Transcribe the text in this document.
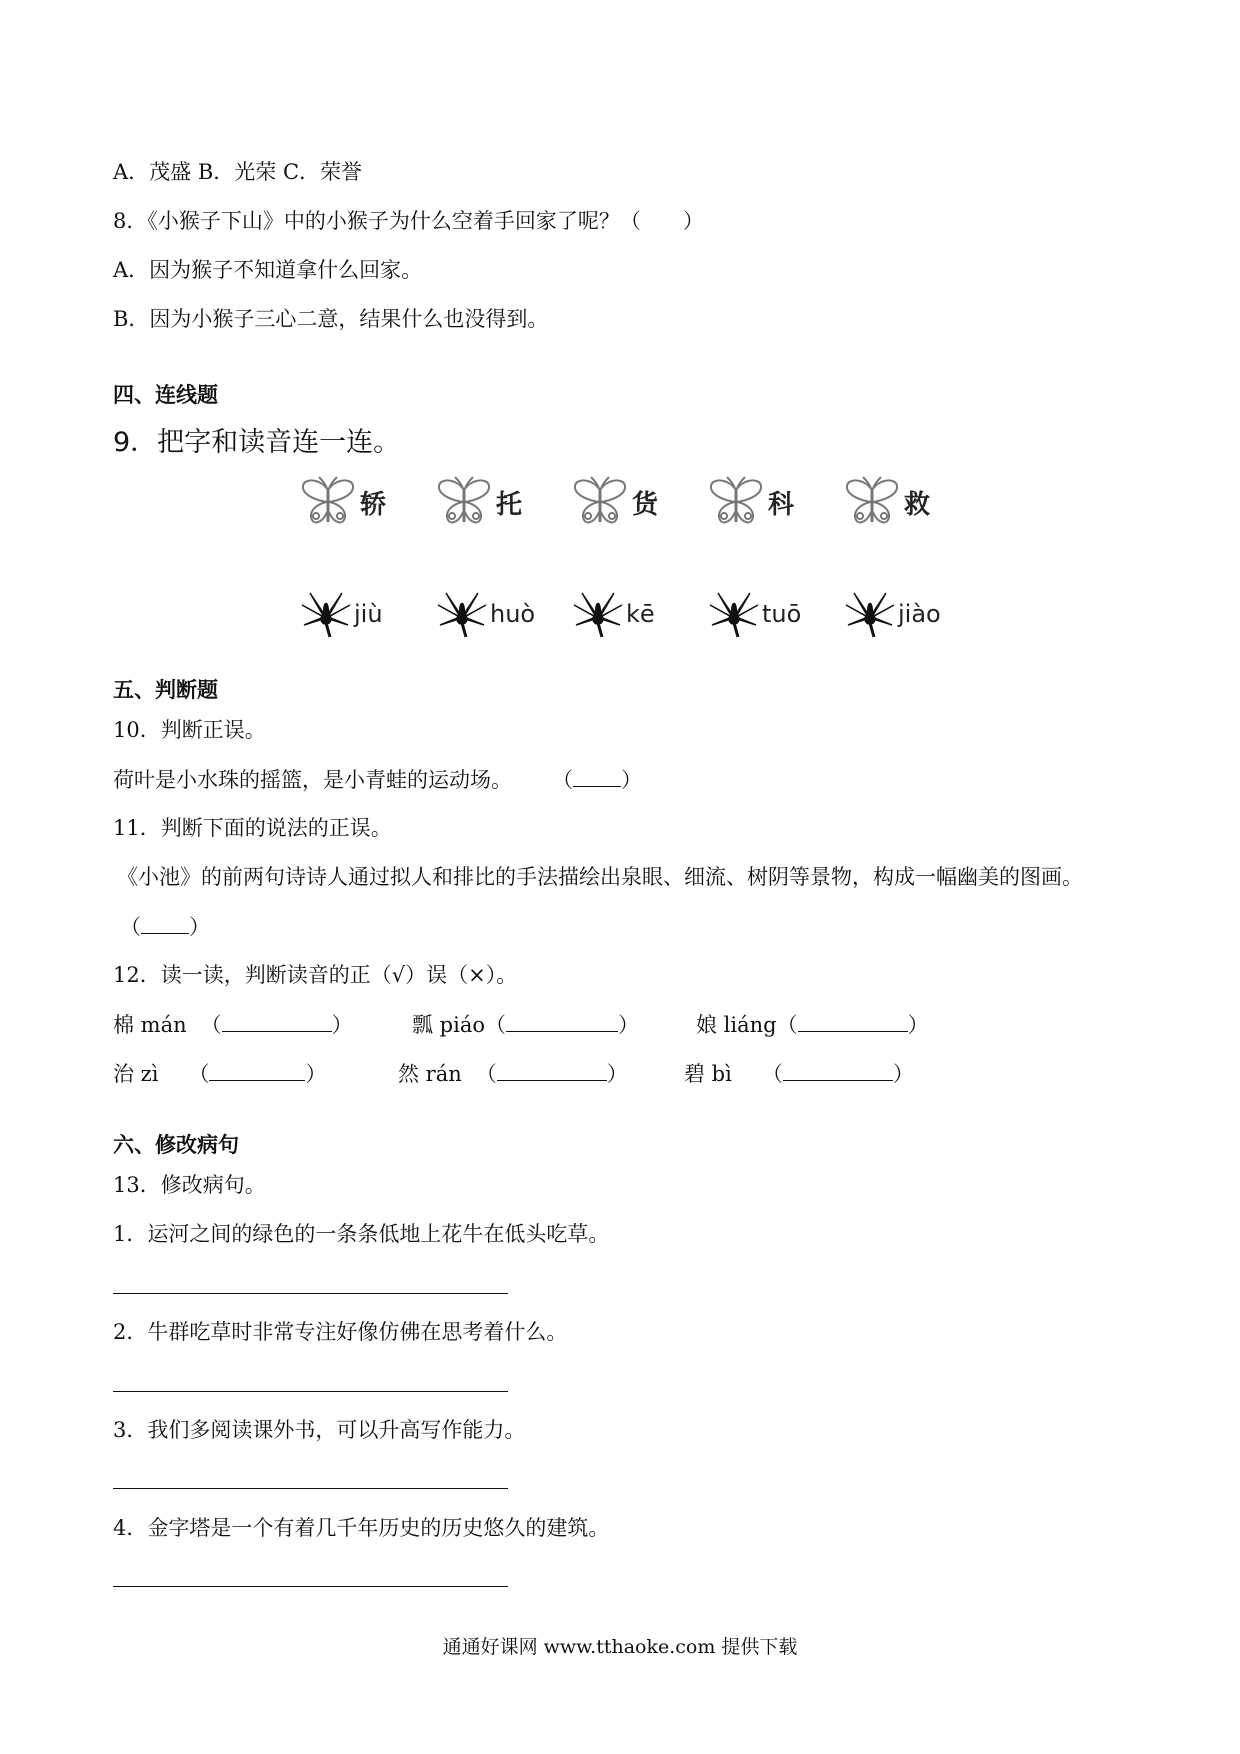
A．茂盛 B．光荣 C．荣誉
8．《小猴子下山》中的小猴子为什么空着手回家了呢？（　　）
A．因为猴子不知道拿什么回家。
B．因为小猴子三心二意，结果什么也没得到。
四、连线题
9．把字和读音连一连。
轿	托	货	科	救
jiù	huò	kē	tuō	jiào
五、判断题
10．判断正误。
荷叶是小水珠的摇篮，是小青蛙的运动场。 （ ）
11．判断下面的说法的正误。
《小池》的前两句诗诗人通过拟人和排比的手法描绘出泉眼、细流、树阴等景物，构成一幅幽美的图画。
（ ）
12．读一读，判断读音的正（√）误（×）。
棉 mán （	）	瓢 piáo（	）	娘 liáng（	）
治 zì （	）	然 rán （	）	碧 bì （	）
六、修改病句
13．修改病句。
1．运河之间的绿色的一条条低地上花牛在低头吃草。
2．牛群吃草时非常专注好像仿佛在思考着什么。
3．我们多阅读课外书，可以升高写作能力。
4．金字塔是一个有着几千年历史的历史悠久的建筑。
通通好课网 www.tthaoke.com 提供下载
